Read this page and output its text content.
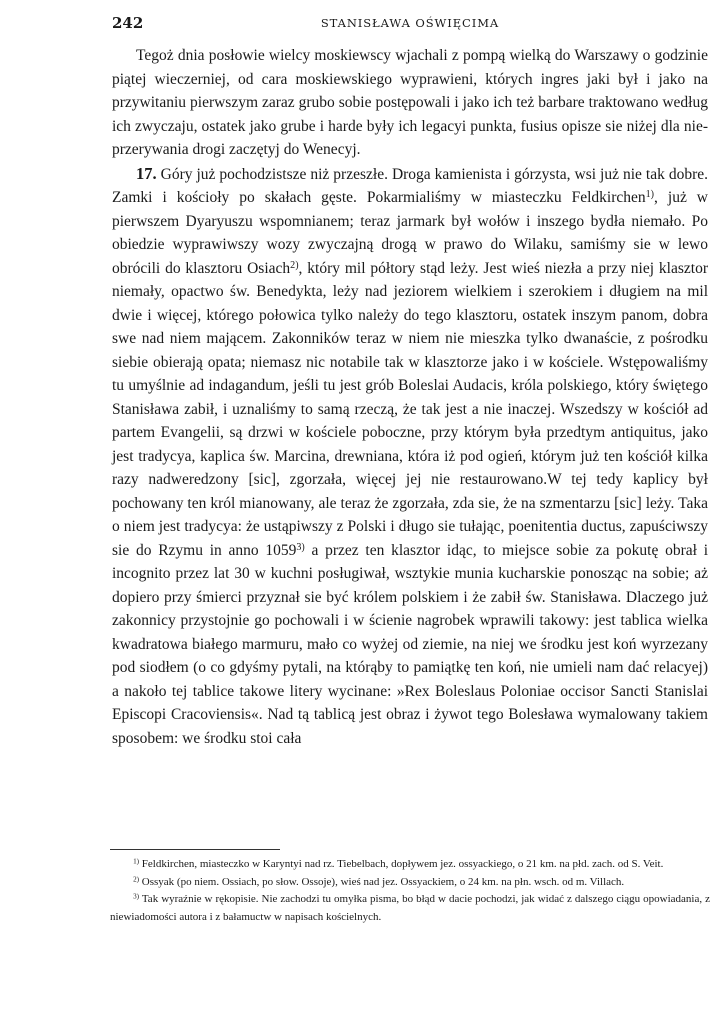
242	STANISŁAWA OŚWIĘCIMA

Tegoż dnia posłowie wielcy moskiewscy wjachali z pompą wielką do Warszawy o godzinie piątej wieczerniej, od cara moskiewskiego wyprawieni, których ingres jaki był i jako na przywitaniu pierwszym zaraz grubo sobie postępowali i jako ich też barbare traktowano według ich zwyczaju, ostatek jako grube i harde były ich legacyi punkta, fusius opisze sie niżej dla nie-przerywania drogi zaczętyj do Wenecyj.

17. Góry już pochodzistsze niż przeszłe. Droga kamienista i górzysta, wsi już nie tak dobre. Zamki i kościoły po skałach gęste. Pokarmialiśmy w miasteczku Feldkirchen$^{1)}$, już w pierwszem Dyaryuszu wspomnianem; teraz jarmark był wołów i inszego bydła niemało. Po obiedzie wyprawiwszy wozy zwyczajną drogą w prawo do Wilaku, samiśmy sie w lewo obrócili do klasztoru Osiach$^{2)}$, który mil półtory stąd leży. Jest wieś niezła a przy niej klasztor niemały, opactwo św. Benedykta, leży nad jeziorem wielkiem i szerokiem i długiem na mil dwie i więcej, którego połowica tylko należy do tego klasztoru, ostatek inszym panom, dobra swe nad niem mającem. Zakonników teraz w niem nie mieszka tylko dwanaście, z pośrodku siebie obierają opata; niemasz nic notabile tak w klasztorze jako i w kościele. Wstępowaliśmy tu umyślnie ad indagandum, jeśli tu jest grób Boleslai Audacis, króla polskiego, który świętego Stanisława zabił, i uznaliśmy to samą rzeczą, że tak jest a nie inaczej. Wszedszy w kościół ad partem Evangelii, są drzwi w kościele poboczne, przy którym była przedtym antiquitus, jako jest tradycya, kaplica św. Marcina, drewniana, która iż pod ogień, którym już ten kościół kilka razy nadweredzony [sic], zgorzała, więcej jej nie restaurowano.W tej tedy kaplicy był pochowany ten król mianowany, ale teraz że zgorzała, zda sie, że na szmentarzu [sic] leży. Taka o niem jest tradycya: że ustąpiwszy z Polski i długo sie tułając, poenitentia ductus, zapuściwszy sie do Rzymu in anno 1059$^{3)}$ a przez ten klasztor idąc, to miejsce sobie za pokutę obrał i incognito przez lat 30 w kuchni posługiwał, wsztykie munia kucharskie ponosząc na sobie; aż dopiero przy śmierci przyznał sie być królem polskiem i że zabił św. Stanisława. Dlaczego już zakonnicy przystojnie go pochowali i w ścienie nagrobek wprawili takowy: jest tablica wielka kwadratowa białego marmuru, mało co wyżej od ziemie, na niej we środku jest koń wyrzezany pod siodłem (o co gdyśmy pytali, na którąby to pamiątkę ten koń, nie umieli nam dać relacyej) a nakoło tej tablice takowe litery wycinane: »Rex Boleslaus Poloniae occisor Sancti Stanislai Episcopi Cracoviensis«. Nad tą tablicą jest obraz i żywot tego Bolesława wymalowany takiem sposobem: we środku stoi cała

$^{1)}$ Feldkirchen, miasteczko w Karyntyi nad rz. Tiebelbach, dopływem jez. ossyackiego, o 21 km. na płd. zach. od S. Veit.

$^{2)}$ Ossyak (po niem. Ossiach, po słow. Ossoje), wieś nad jez. Ossyackiem, o 24 km. na płn. wsch. od m. Villach.

$^{3)}$ Tak wyraźnie w rękopisie. Nie zachodzi tu omyłka pisma, bo błąd w dacie pochodzi, jak widać z dalszego ciągu opowiadania, z niewiadomości autora i z bałamuctw w napisach kościelnych.
